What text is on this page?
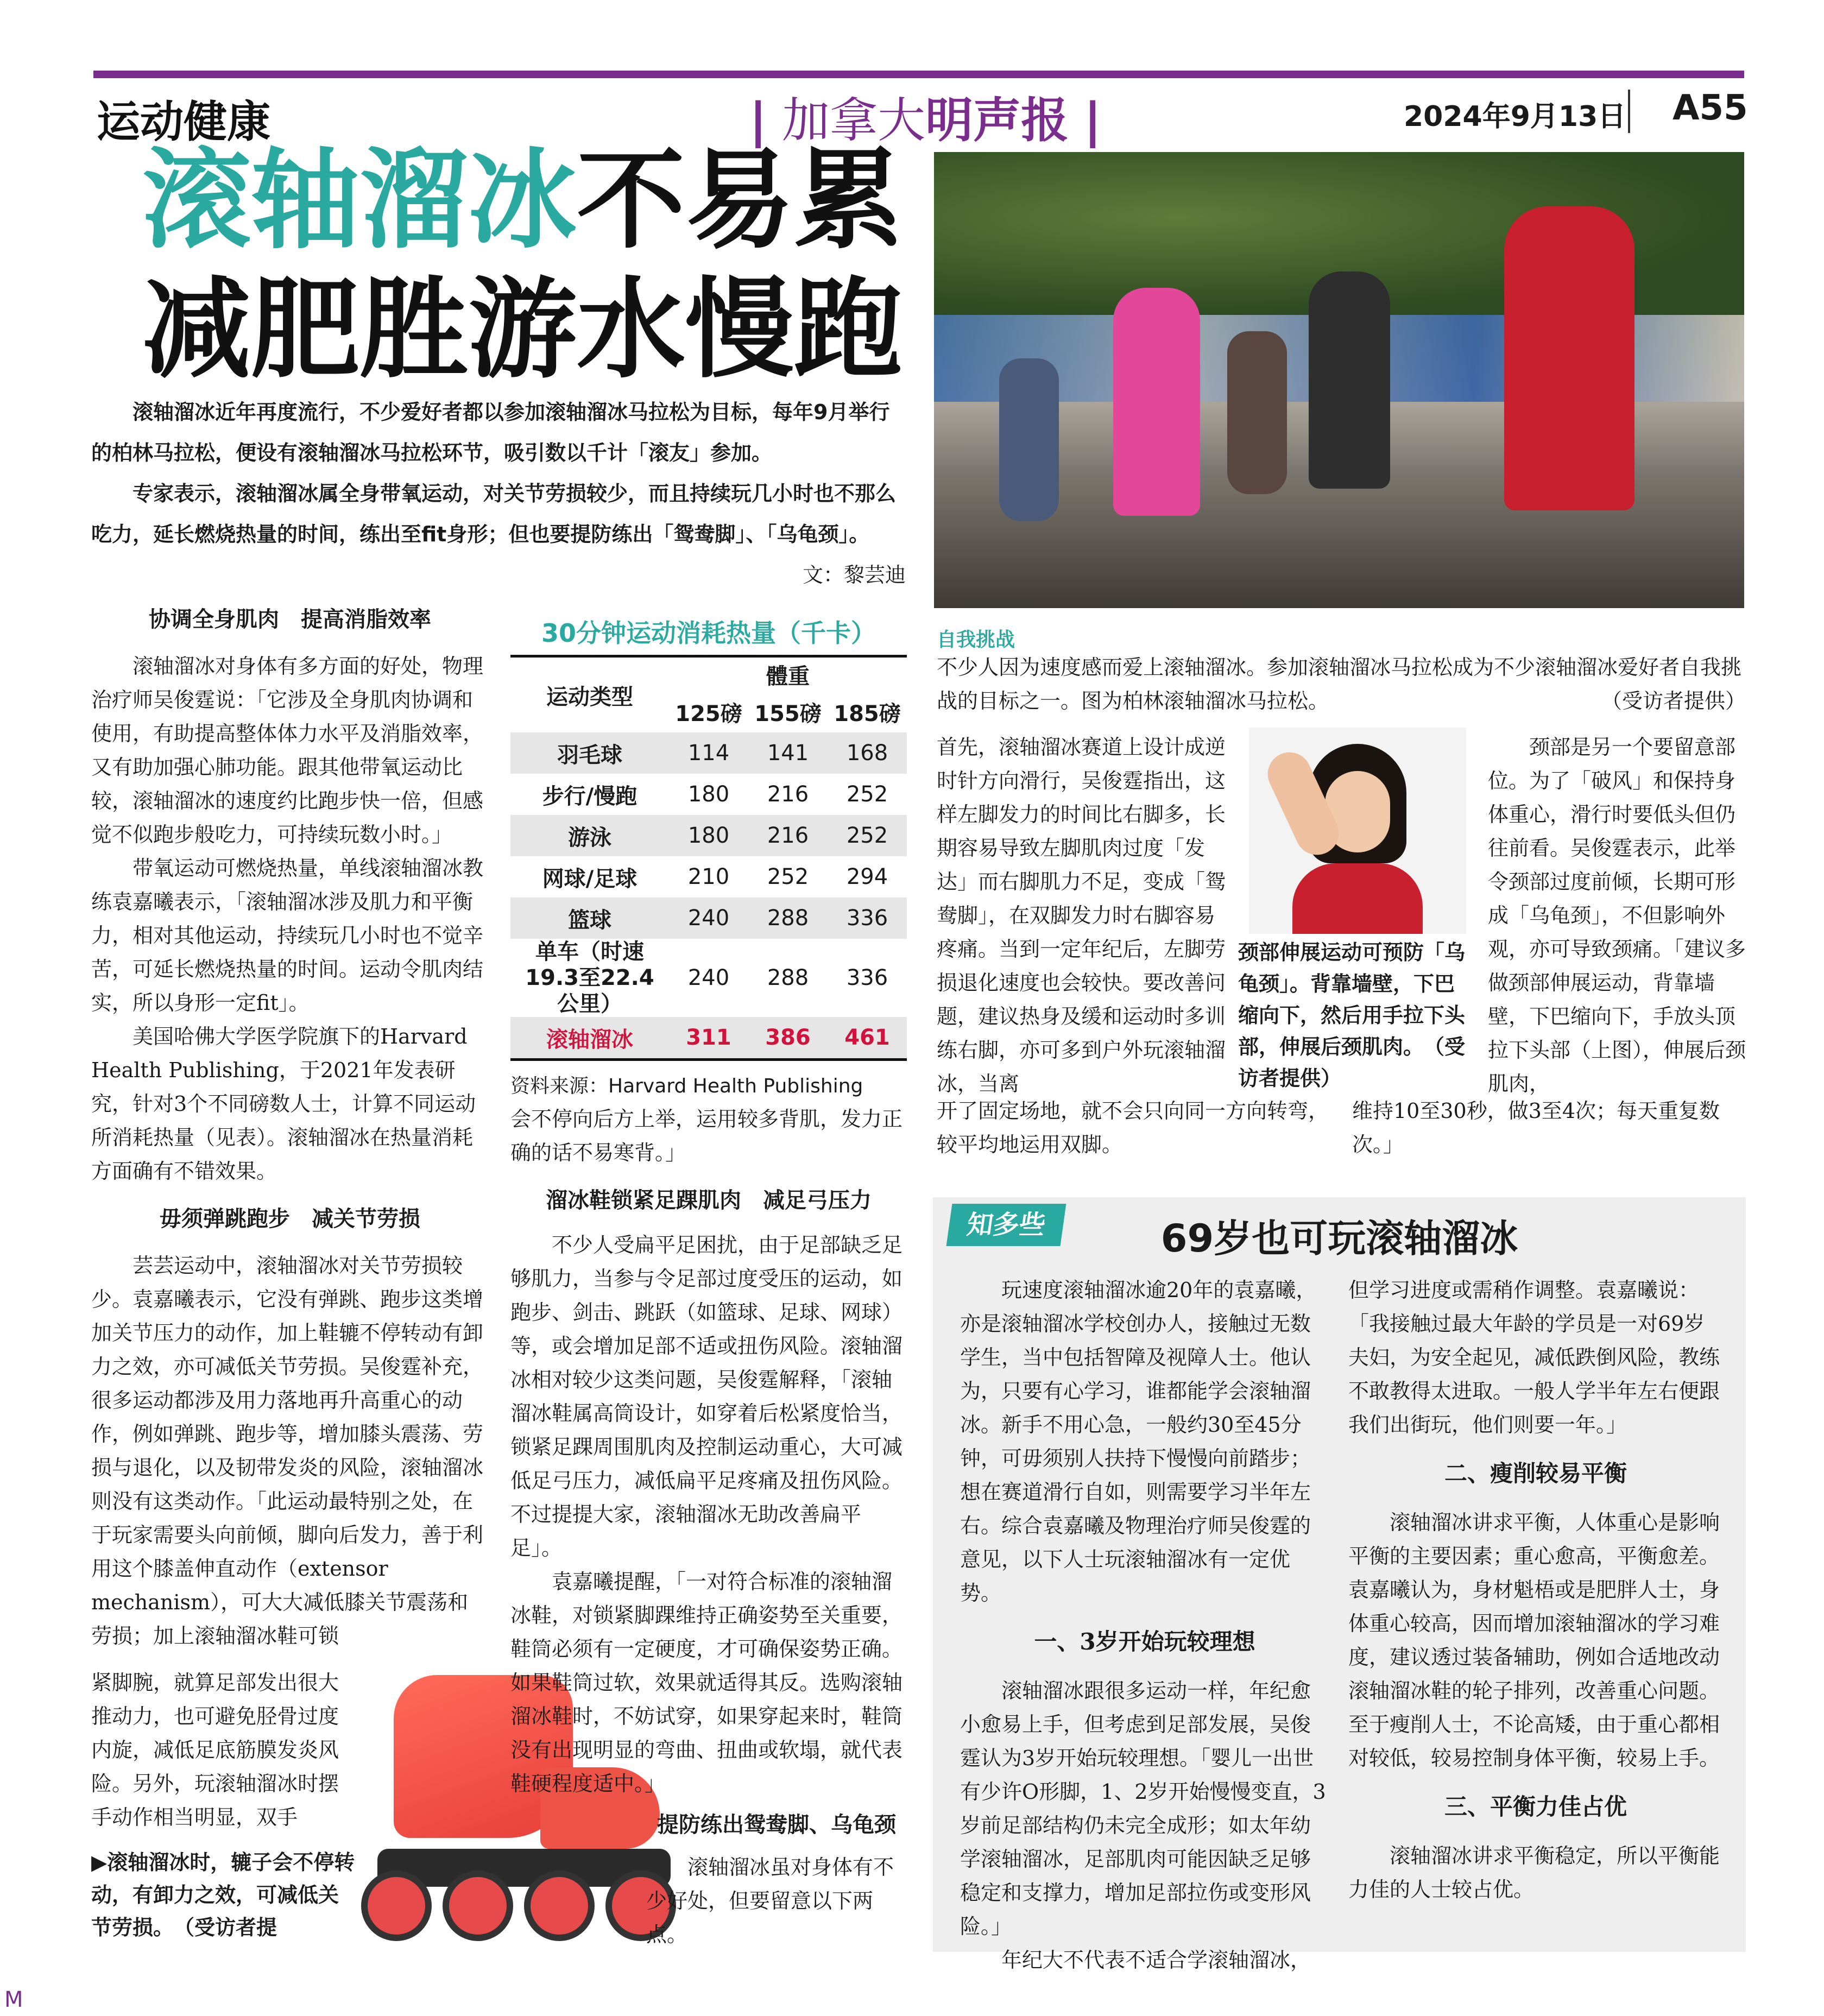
运动健康	| 加拿大明声报 |	2024年9月13日 A55
滚轴溜冰不易累
减肥胜游水慢跑

滚轴溜冰近年再度流行，不少爱好者都以参加滚轴溜冰马拉松为目标，每年9月举行的柏林马拉松，便设有滚轴溜冰马拉松环节，吸引数以千计「滚友」参加。

专家表示，滚轴溜冰属全身带氧运动，对关节劳损较少，而且持续玩几小时也不那么吃力，延长燃烧热量的时间，练出至fit身形；但也要提防练出「鸳鸯脚」、「乌龟颈」。

文：黎芸迪
自我挑战
不少人因为速度感而爱上滚轴溜冰。参加滚轴溜冰马拉松成为不少滚轴溜冰爱好者自我挑战的目标之一。图为柏林滚轴溜冰马拉松。	（受访者提供）
协调全身肌肉　提高消脂效率

滚轴溜冰对身体有多方面的好处，物理治疗师吴俊霆说：「它涉及全身肌肉协调和使用，有助提高整体体力水平及消脂效率，又有助加强心肺功能。跟其他带氧运动比较，滚轴溜冰的速度约比跑步快一倍，但感觉不似跑步般吃力，可持续玩数小时。」

带氧运动可燃烧热量，单线滚轴溜冰教练袁嘉曦表示，「滚轴溜冰涉及肌力和平衡力，相对其他运动，持续玩几小时也不觉辛苦，可延长燃烧热量的时间。运动令肌肉结实，所以身形一定fit」。

美国哈佛大学医学院旗下的Harvard Health Publishing，于2021年发表研究，针对3个不同磅数人士，计算不同运动所消耗热量（见表）。滚轴溜冰在热量消耗方面确有不错效果。

毋须弹跳跑步　减关节劳损

芸芸运动中，滚轴溜冰对关节劳损较少。袁嘉曦表示，它没有弹跳、跑步这类增加关节压力的动作，加上鞋辘不停转动有卸力之效，亦可减低关节劳损。吴俊霆补充，很多运动都涉及用力落地再升高重心的动作，例如弹跳、跑步等，增加膝头震荡、劳损与退化，以及韧带发炎的风险，滚轴溜冰则没有这类动作。「此运动最特别之处，在于玩家需要头向前倾，脚向后发力，善于利用这个膝盖伸直动作（extensor mechanism），可大大减低膝关节震荡和劳损；加上滚轴溜冰鞋可锁

紧脚腕，就算足部发出很大推动力，也可避免胫骨过度内旋，减低足底筋膜发炎风险。另外，玩滚轴溜冰时摆手动作相当明显，双手

▶滚轴溜冰时，辘子会不停转动，有卸力之效，可减低关节劳损。　（受访者提
30分钟运动消耗热量（千卡）
运动类型	體重		
	125磅	155磅	185磅
羽毛球	114	141	168
步行/慢跑	180	216	252
游泳	180	216	252
网球/足球	210	252	294
篮球	240	288	336
单车（时速19.3至22.4公里）	240	288	336
滚轴溜冰	311	386	461
资料来源：Harvard Health Publishing

会不停向后方上举，运用较多背肌，发力正确的话不易寒背。」

溜冰鞋锁紧足踝肌肉　减足弓压力

不少人受扁平足困扰，由于足部缺乏足够肌力，当参与令足部过度受压的运动，如跑步、剑击、跳跃（如篮球、足球、网球）等，或会增加足部不适或扭伤风险。滚轴溜冰相对较少这类问题，吴俊霆解释，「滚轴溜冰鞋属高筒设计，如穿着后松紧度恰当，锁紧足踝周围肌肉及控制运动重心，大可减低足弓压力，减低扁平足疼痛及扭伤风险。不过提提大家，滚轴溜冰无助改善扁平足」。

袁嘉曦提醒，「一对符合标准的滚轴溜冰鞋，对锁紧脚踝维持正确姿势至关重要，鞋筒必须有一定硬度，才可确保姿势正确。如果鞋筒过软，效果就适得其反。选购滚轴溜冰鞋时，不妨试穿，如果穿起来时，鞋筒没有出现明显的弯曲、扭曲或软塌，就代表鞋硬程度适中。」

提防练出鸳鸯脚、乌龟颈

滚轴溜冰虽对身体有不少好处，但要留意以下两点。

首先，滚轴溜冰赛道上设计成逆时针方向滑行，吴俊霆指出，这样左脚发力的时间比右脚多，长期容易导致左脚肌肉过度「发达」而右脚肌力不足，变成「鸳鸯脚」，在双脚发力时右脚容易疼痛。当到一定年纪后，左脚劳损退化速度也会较快。要改善问题，建议热身及缓和运动时多训练右脚，亦可多到户外玩滚轴溜冰，当离

开了固定场地，就不会只向同一方向转弯，较平均地运用双脚。

颈部伸展运动可预防「乌龟颈」。背靠墙壁，下巴缩向下，然后用手拉下头部，伸展后颈肌肉。　（受访者提供）

颈部是另一个要留意部位。为了「破风」和保持身体重心，滑行时要低头但仍往前看。吴俊霆表示，此举令颈部过度前倾，长期可形成「乌龟颈」，不但影响外观，亦可导致颈痛。「建议多做颈部伸展运动，背靠墙壁，下巴缩向下，手放头顶拉下头部（上图），伸展后颈肌肉，

维持10至30秒，做3至4次；每天重复数次。」

知多些	69岁也可玩滚轴溜冰

玩速度滚轴溜冰逾20年的袁嘉曦，亦是滚轴溜冰学校创办人，接触过无数学生，当中包括智障及视障人士。他认为，只要有心学习，谁都能学会滚轴溜冰。新手不用心急，一般约30至45分钟，可毋须别人扶持下慢慢向前踏步；想在赛道滑行自如，则需要学习半年左右。综合袁嘉曦及物理治疗师吴俊霆的意见，以下人士玩滚轴溜冰有一定优势。

一、3岁开始玩较理想

滚轴溜冰跟很多运动一样，年纪愈小愈易上手，但考虑到足部发展，吴俊霆认为3岁开始玩较理想。「婴儿一出世有少许O形脚，1、2岁开始慢慢变直，3岁前足部结构仍未完全成形；如太年幼学滚轴溜冰，足部肌肉可能因缺乏足够稳定和支撑力，增加足部拉伤或变形风险。」

年纪大不代表不适合学滚轴溜冰，

但学习进度或需稍作调整。袁嘉曦说：「我接触过最大年龄的学员是一对69岁夫妇，为安全起见，减低跌倒风险，教练不敢教得太进取。一般人学半年左右便跟我们出街玩，他们则要一年。」

二、瘦削较易平衡

滚轴溜冰讲求平衡，人体重心是影响平衡的主要因素；重心愈高，平衡愈差。袁嘉曦认为，身材魁梧或是肥胖人士，身体重心较高，因而增加滚轴溜冰的学习难度，建议透过装备辅助，例如合适地改动滚轴溜冰鞋的轮子排列，改善重心问题。至于瘦削人士，不论高矮，由于重心都相对较低，较易控制身体平衡，较易上手。

三、平衡力佳占优

滚轴溜冰讲求平衡稳定，所以平衡能力佳的人士较占优。

M
